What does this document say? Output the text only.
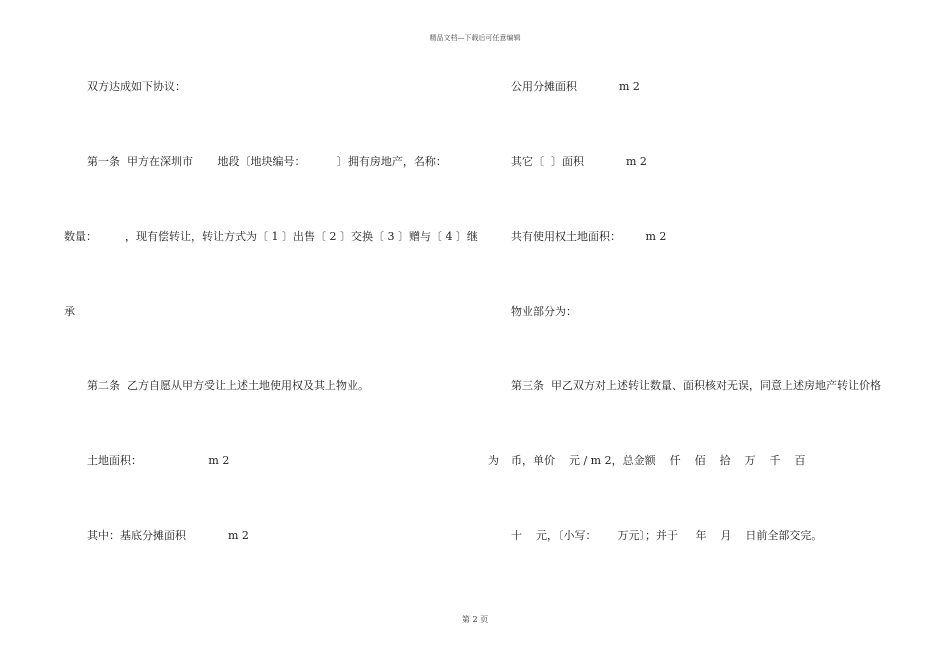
精品文档—下载后可任意编辑
双方达成如下协议：
第一条  甲方在深圳市       地段〔地块编号：         〕拥有房地产，名称：
数量：        ，现有偿转让，转让方式为〔 1 〕出售〔 2 〕交换〔 3 〕赠与〔 4 〕继
承
第二条  乙方自愿从甲方受让上述土地使用权及其上物业。
土地面积：                   m 2	为
其中：基底分摊面积            m 2
公用分摊面积            m 2
其它〔  〕面积            m 2
共有使用权土地面积：       m 2
物业部分为：
第三条  甲乙双方对上述转让数量、面积核对无误，同意上述房地产转让价格
币，单价    元 / m 2，总金额    仟    佰    拾    万    千    百
十    元，〔小写：      万元〕；并于     年    月    日前全部交完。
第 2 页
